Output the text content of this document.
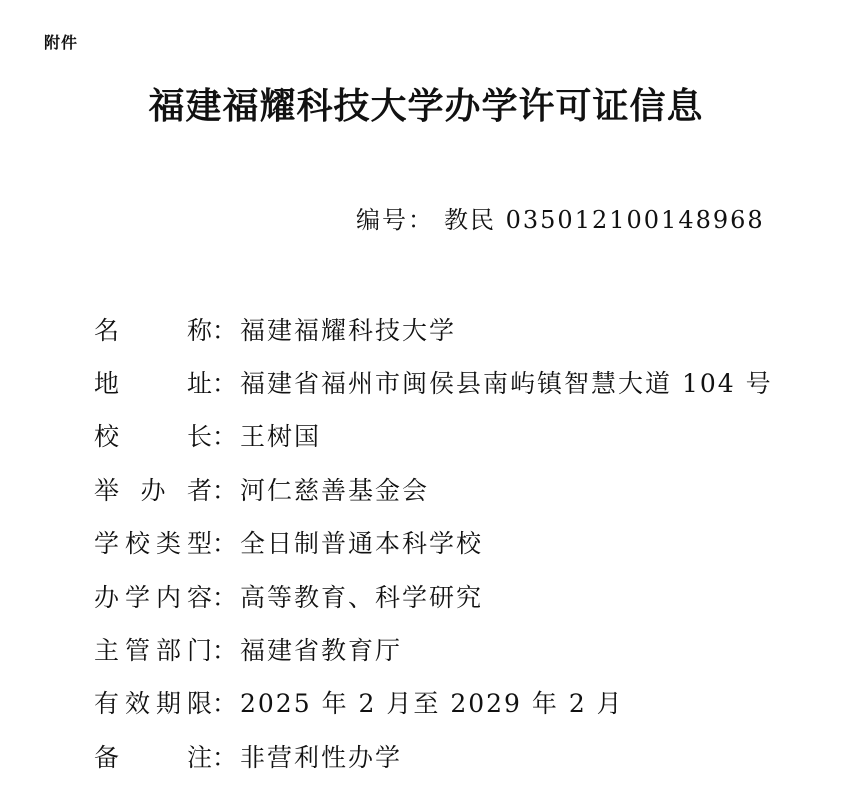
附件
福建福耀科技大学办学许可证信息
编号： 教民 035012100148968
名称 ： 福建福耀科技大学
地址 ： 福建省福州市闽侯县南屿镇智慧大道 104 号
校长 ： 王树国
举办者 ： 河仁慈善基金会
学校类型 ： 全日制普通本科学校
办学内容 ： 高等教育、科学研究
主管部门 ： 福建省教育厅
有效期限 ： 2025 年 2 月至 2029 年 2 月
备注 ： 非营利性办学
